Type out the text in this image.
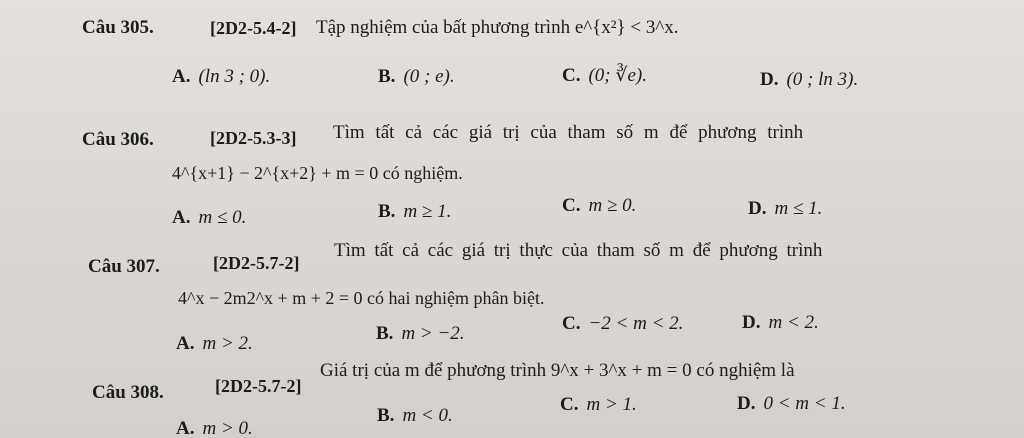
Câu 305.	[2D2-5.4-2] Tập nghiệm của bất phương trình e^{x²} < 3^x.
A. (ln 3 ; 0).	B. (0 ; e).	C. (0; ∛e).	D. (0 ; ln 3).
Câu 306.	[2D2-5.3-3] Tìm tất cả các giá trị của tham số m để phương trình
4^{x+1} − 2^{x+2} + m = 0 có nghiệm.
A. m ≤ 0.	B. m ≥ 1.	C. m ≥ 0.	D. m ≤ 1.
Câu 307.	[2D2-5.7-2]
Tìm tất cả các giá trị thực của tham số m để phương trình
4^x − 2m2^x + m + 2 = 0 có hai nghiệm phân biệt.
A. m > 2.	B. m > −2.	C. −2 < m < 2.	D. m < 2.
Câu 308.	[2D2-5.7-2]
Giá trị của m để phương trình 9^x + 3^x + m = 0 có nghiệm là
A. m > 0.
B. m < 0.
C. m > 1.	D. 0 < m < 1.
